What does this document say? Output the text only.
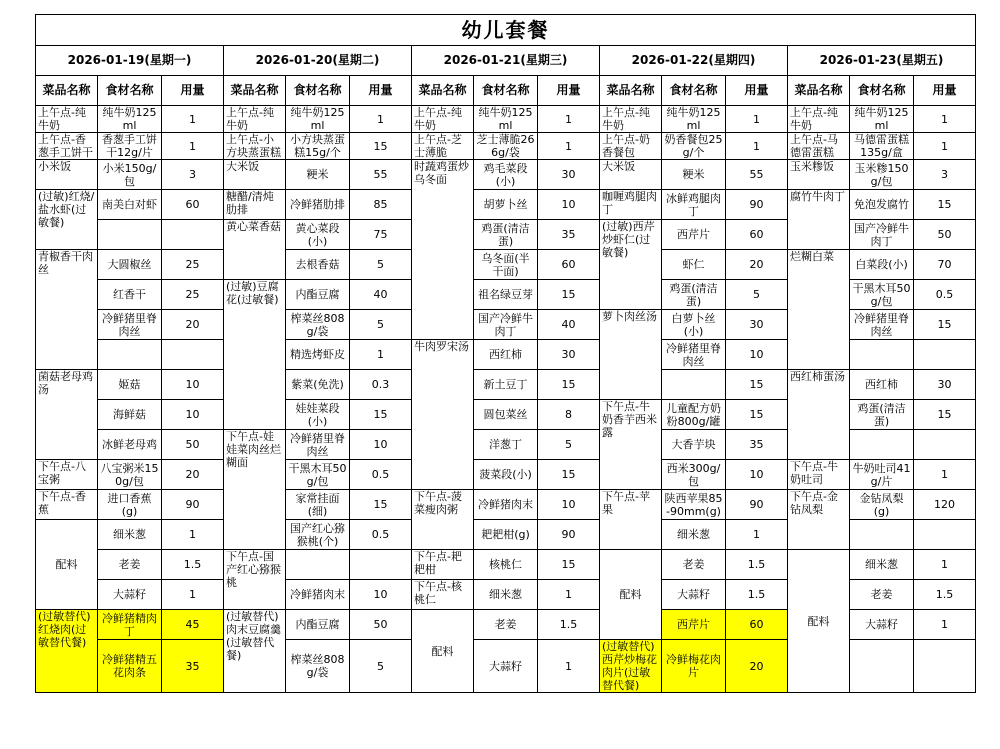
幼儿套餐														
2026-01-19(星期一)			2026-01-20(星期二)			2026-01-21(星期三)			2026-01-22(星期四)			2026-01-23(星期五)		
菜品名称	食材名称	用量	菜品名称	食材名称	用量	菜品名称	食材名称	用量	菜品名称	食材名称	用量	菜品名称	食材名称	用量
上午点-纯牛奶	纯牛奶125ml	1	上午点-纯牛奶	纯牛奶125ml	1	上午点-纯牛奶	纯牛奶125ml	1	上午点-纯牛奶	纯牛奶125ml	1	上午点-纯牛奶	纯牛奶125ml	1
上午点-香葱手工饼干	香葱手工饼干12g/片	1	上午点-小方块蒸蛋糕	小方块蒸蛋糕15g/个	15	上午点-芝士薄脆	芝士薄脆266g/袋	1	上午点-奶香餐包	奶香餐包25g/个	1	上午点-马德雷蛋糕	马德雷蛋糕135g/盒	1
小米饭	小米150g/包	3	大米饭	粳米	55	时蔬鸡蛋炒乌冬面	鸡毛菜段(小)	30	大米饭	粳米	55	玉米糁饭	玉米糁150g/包	3
(过敏)红烧/盐水虾(过敏餐)	南美白对虾	60	糖醋/清炖肋排	冷鲜猪肋排	85		胡萝卜丝	10	咖喱鸡腿肉丁	冰鲜鸡腿肉丁	90	腐竹牛肉丁	免泡发腐竹	15
			黄心菜香菇	黄心菜段(小)	75		鸡蛋(清洁蛋)	35	(过敏)西芹炒虾仁(过敏餐)	西芹片	60		国产冷鲜牛肉丁	50
青椒香干肉丝	大圆椒丝	25		去根香菇	5		乌冬面(半干面)	60		虾仁	20	烂糊白菜	白菜段(小)	70
	红香干	25	(过敏)豆腐花(过敏餐)	内酯豆腐	40		祖名绿豆芽	15		鸡蛋(清洁蛋)	5		干黑木耳50g/包	0.5
	冷鲜猪里脊肉丝	20		榨菜丝808g/袋	5		国产冷鲜牛肉丁	40	萝卜肉丝汤	白萝卜丝(小)	30		冷鲜猪里脊肉丝	15
				精选烤虾皮	1	牛肉罗宋汤	西红柿	30		冷鲜猪里脊肉丝	10			
菌菇老母鸡汤	姬菇	10		紫菜(免洗)	0.3		新土豆丁	15			15	西红柿蛋汤	西红柿	30
	海鲜菇	10		娃娃菜段(小)	15		圆包菜丝	8	下午点-牛奶香芋西米露	儿童配方奶粉800g/罐	15		鸡蛋(清洁蛋)	15
	冰鲜老母鸡	50	下午点-娃娃菜肉丝烂糊面	冷鲜猪里脊肉丝	10		洋葱丁	5		大香芋块	35			
下午点-八宝粥	八宝粥米150g/包	20		干黑木耳50g/包	0.5		菠菜段(小)	15		西米300g/包	10	下午点-牛奶吐司	牛奶吐司41g/片	1
下午点-香蕉	进口香蕉(g)	90		家常挂面(细)	15	下午点-菠菜瘦肉粥	冷鲜猪肉末	10	下午点-苹果	陕西苹果85-90mm(g)	90	下午点-金钻凤梨	金钻凤梨(g)	120
配料	细米葱	1		国产红心猕猴桃(个)	0.5		耙耙柑(g)	90		细米葱	1			
	老姜	1.5	下午点-国产红心猕猴桃			下午点-耙耙柑	核桃仁	15	配料	老姜	1.5	配料	细米葱	1
	大蒜籽	1		冷鲜猪肉末	10	下午点-核桃仁	细米葱	1		大蒜籽	1.5		老姜	1.5
(过敏替代)红烧肉(过敏替代餐)	冷鲜猪精肉丁	45	(过敏替代)肉末豆腐羹(过敏替代餐)	内酯豆腐	50	配料	老姜	1.5		西芹片	60		大蒜籽	1
	冷鲜猪精五花肉条	35		榨菜丝808g/袋	5		大蒜籽	1	(过敏替代)西芹炒梅花肉片(过敏替代餐)	冷鲜梅花肉片	20			
